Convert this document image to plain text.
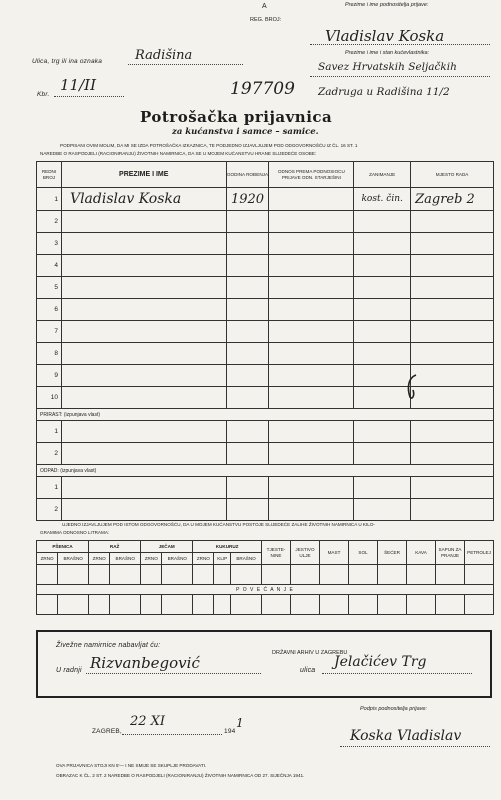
A
REG. BROJ:
Prezime i ime podnositelja prijave:
Vladislav Koska
Prezime i ime i stan kućevlastnika:
Savez Hrvatskih Seljačkih
Ulica, trg ili ina oznaka	Radišina
Kbr.
11/II	197709 Zadruga u Radišina 11/2
Potrošačka prijavnica
za kućanstva i samce – samice.
PODPISANI OVIM MOLIM, DA MI SE IZDA POTROŠAČKA IZKAZNICA, TE PODJEDNO IZJAVLJUJEM POD ODGOVORNOŠĆU IZ ČL. 16 ST. 1
NAREDBE O RASPODJELI (RACIONIRANJU) ŽIVOTNIH NAMIRNICA, DA SE U MOJEM KUĆANSTVU HRANE SLIJEDEĆE OSOBE:
REDNI BROJ	PREZIME I IME	GODINA ROĐENJA	ODNOS PREMA PODNOSIOCU PRIJAVE ODN. STARJEŠINI	ZANIMANJE	MJESTO RADA
1	Vladislav Koska	1920		kost. čin.	Zagreb 2
2					
3					
4					
5					
6					
7					
8					
9					
10					
PRIRAST: (izpunjava vlast)					
1					
2					
ODPAD: (izpunjava vlast)					
1					
2					
UJEDNO IZJAVLJUJEM POD ISTOM ODGOVORNOŠĆU, DA U MOJEM KUĆANSTVU POSTOJE SLIJEDEĆE ZALIHE ŽIVOTNIH NAMIRNICA U KILO-
GRAMIMA ODNOSNO LITRAMA:
PŠENICA		RAŽ		JEČAM		KUKURUZ			TJESTE-NINE	JESTIVO ULJE	MAST	SOL	ŠEĆER	KAVA	SAPUN ZA PRANJE	PETROLEJ
ZRNO	BRAŠNO	ZRNO	BRAŠNO	ZRNO	BRAŠNO	ZRNO	KLIP	BRAŠNO								

P O V E Ć A N J E																

Živežne namirnice nabavljat ću:
U radnji Rizvanbegović
DRŽAVNI ARHIV U ZAGREBU
ulica
Jelačićev Trg
ZAGREB,
22 XI
194
1
Podpis podnositelja prijave:
Koska Vladislav
OVA PRIJAVNICA STOJI KN 5'— I NE SMIJE SE SKUPLJE PRODAVATI.
OBRAZAC K ČL. 2 ST. 2 NAREDBE O RASPODJELI (RACIONIRANJU) ŽIVOTNIH NAMIRNICA OD 27. SIJEČNJA 1941.
